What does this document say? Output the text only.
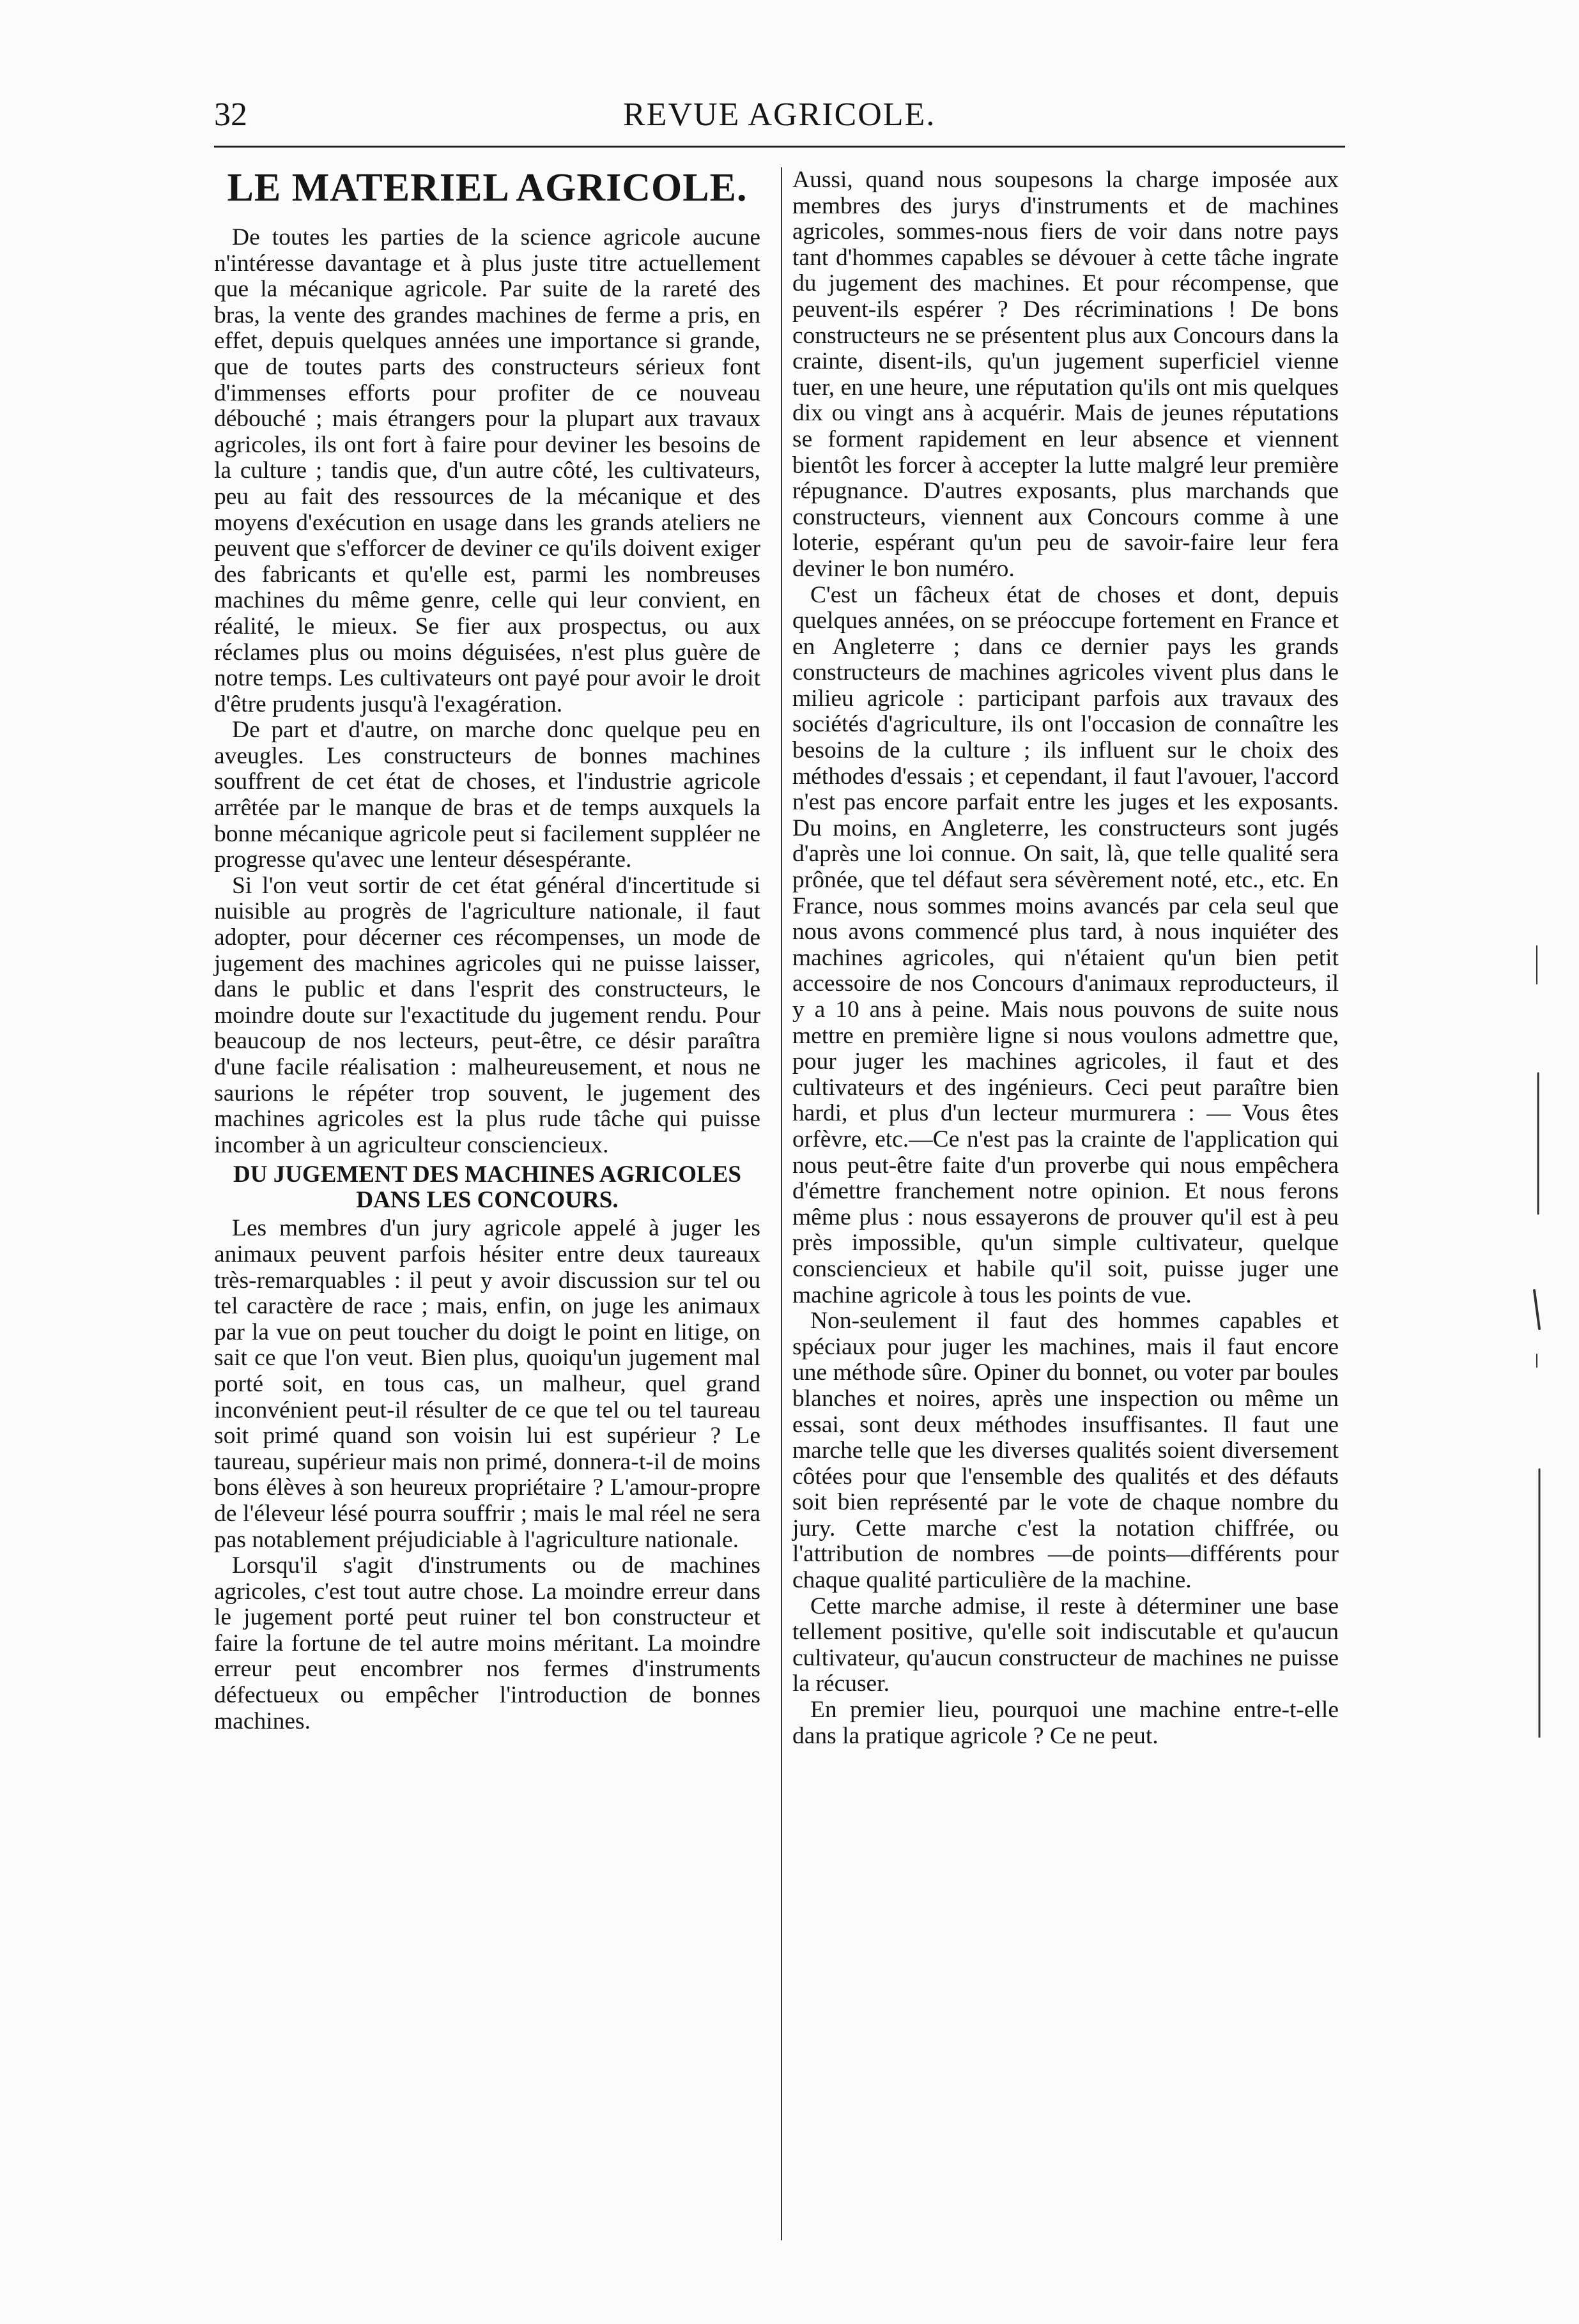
32	REVUE AGRICOLE.
LE MATERIEL AGRICOLE.

De toutes les parties de la science agricole aucune n'intéresse davantage et à plus juste titre actuellement que la mécanique agricole. Par suite de la rareté des bras, la vente des grandes machines de ferme a pris, en effet, depuis quelques années une importance si grande, que de toutes parts des constructeurs sérieux font d'immenses efforts pour profiter de ce nouveau débouché ; mais étrangers pour la plupart aux travaux agricoles, ils ont fort à faire pour deviner les besoins de la culture ; tandis que, d'un autre côté, les cultivateurs, peu au fait des ressources de la mécanique et des moyens d'exécution en usage dans les grands ateliers ne peuvent que s'efforcer de deviner ce qu'ils doivent exiger des fabricants et qu'elle est, parmi les nombreuses machines du même genre, celle qui leur convient, en réalité, le mieux. Se fier aux prospectus, ou aux réclames plus ou moins déguisées, n'est plus guère de notre temps. Les cultivateurs ont payé pour avoir le droit d'être prudents jusqu'à l'exagération.

De part et d'autre, on marche donc quelque peu en aveugles. Les constructeurs de bonnes machines souffrent de cet état de choses, et l'industrie agricole arrêtée par le manque de bras et de temps auxquels la bonne mécanique agricole peut si facilement suppléer ne progresse qu'avec une lenteur désespérante.

Si l'on veut sortir de cet état général d'incertitude si nuisible au progrès de l'agriculture nationale, il faut adopter, pour décerner ces récompenses, un mode de jugement des machines agricoles qui ne puisse laisser, dans le public et dans l'esprit des constructeurs, le moindre doute sur l'exactitude du jugement rendu. Pour beaucoup de nos lecteurs, peut-être, ce désir paraîtra d'une facile réalisation : malheureusement, et nous ne saurions le répéter trop souvent, le jugement des machines agricoles est la plus rude tâche qui puisse incomber à un agriculteur consciencieux.

DU JUGEMENT DES MACHINES AGRICOLES DANS LES CONCOURS.

Les membres d'un jury agricole appelé à juger les animaux peuvent parfois hésiter entre deux taureaux très-remarquables : il peut y avoir discussion sur tel ou tel caractère de race ; mais, enfin, on juge les animaux par la vue on peut toucher du doigt le point en litige, on sait ce que l'on veut. Bien plus, quoiqu'un jugement mal porté soit, en tous cas, un malheur, quel grand inconvénient peut-il résulter de ce que tel ou tel taureau soit primé quand son voisin lui est supérieur ? Le taureau, supérieur mais non primé, donnera-t-il de moins bons élèves à son heureux propriétaire ? L'amour-propre de l'éleveur lésé pourra souffrir ; mais le mal réel ne sera pas notablement préjudiciable à l'agriculture nationale.

Lorsqu'il s'agit d'instruments ou de machines agricoles, c'est tout autre chose. La moindre erreur dans le jugement porté peut ruiner tel bon constructeur et faire la fortune de tel autre moins méritant. La moindre erreur peut encombrer nos fermes d'instruments défectueux ou empêcher l'introduction de bonnes machines.

Aussi, quand nous soupesons la charge imposée aux membres des jurys d'instruments et de machines agricoles, sommes-nous fiers de voir dans notre pays tant d'hommes capables se dévouer à cette tâche ingrate du jugement des machines. Et pour récompense, que peuvent-ils espérer ? Des récriminations ! De bons constructeurs ne se présentent plus aux Concours dans la crainte, disent-ils, qu'un jugement superficiel vienne tuer, en une heure, une réputation qu'ils ont mis quelques dix ou vingt ans à acquérir. Mais de jeunes réputations se forment rapidement en leur absence et viennent bientôt les forcer à accepter la lutte malgré leur première répugnance. D'autres exposants, plus marchands que constructeurs, viennent aux Concours comme à une loterie, espérant qu'un peu de savoir-faire leur fera deviner le bon numéro.

C'est un fâcheux état de choses et dont, depuis quelques années, on se préoccupe fortement en France et en Angleterre ; dans ce dernier pays les grands constructeurs de machines agricoles vivent plus dans le milieu agricole : participant parfois aux travaux des sociétés d'agriculture, ils ont l'occasion de connaître les besoins de la culture ; ils influent sur le choix des méthodes d'essais ; et cependant, il faut l'avouer, l'accord n'est pas encore parfait entre les juges et les exposants. Du moins, en Angleterre, les constructeurs sont jugés d'après une loi connue. On sait, là, que telle qualité sera prônée, que tel défaut sera sévèrement noté, etc., etc. En France, nous sommes moins avancés par cela seul que nous avons commencé plus tard, à nous inquiéter des machines agricoles, qui n'étaient qu'un bien petit accessoire de nos Concours d'animaux reproducteurs, il y a 10 ans à peine. Mais nous pouvons de suite nous mettre en première ligne si nous voulons admettre que, pour juger les machines agricoles, il faut et des cultivateurs et des ingénieurs. Ceci peut paraître bien hardi, et plus d'un lecteur murmurera : — Vous êtes orfèvre, etc.—Ce n'est pas la crainte de l'application qui nous peut-être faite d'un proverbe qui nous empêchera d'émettre franchement notre opinion. Et nous ferons même plus : nous essayerons de prouver qu'il est à peu près impossible, qu'un simple cultivateur, quelque consciencieux et habile qu'il soit, puisse juger une machine agricole à tous les points de vue.

Non-seulement il faut des hommes capables et spéciaux pour juger les machines, mais il faut encore une méthode sûre. Opiner du bonnet, ou voter par boules blanches et noires, après une inspection ou même un essai, sont deux méthodes insuffisantes. Il faut une marche telle que les diverses qualités soient diversement côtées pour que l'ensemble des qualités et des défauts soit bien représenté par le vote de chaque nombre du jury. Cette marche c'est la notation chiffrée, ou l'attribution de nombres —de points—différents pour chaque qualité particulière de la machine.

Cette marche admise, il reste à déterminer une base tellement positive, qu'elle soit indiscutable et qu'aucun cultivateur, qu'aucun constructeur de machines ne puisse la récuser.

En premier lieu, pourquoi une machine entre-t-elle dans la pratique agricole ? Ce ne peut.
